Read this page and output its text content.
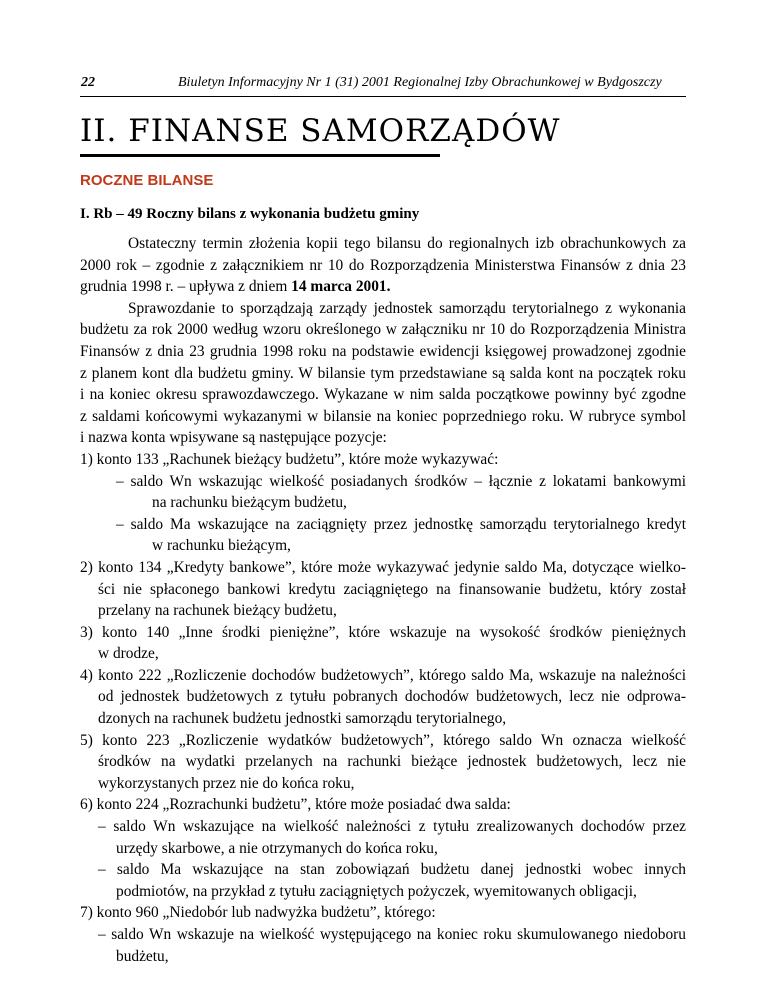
22	Biuletyn Informacyjny Nr 1 (31) 2001 Regionalnej Izby Obrachunkowej w Bydgoszczy
II. FINANSE SAMORZĄDÓW
ROCZNE BILANSE
I. Rb – 49 Roczny bilans z wykonania budżetu gminy
Ostateczny termin złożenia kopii tego bilansu do regionalnych izb obrachunkowych za
2000 rok – zgodnie z załącznikiem nr 10 do Rozporządzenia Ministerstwa Finansów z dnia 23
grudnia 1998 r. – upływa z dniem 14 marca 2001.
Sprawozdanie to sporządzają zarządy jednostek samorządu terytorialnego z wykonania
budżetu za rok 2000 według wzoru określonego w załączniku nr 10 do Rozporządzenia Ministra
Finansów z dnia 23 grudnia 1998 roku na podstawie ewidencji księgowej prowadzonej zgodnie
z planem kont dla budżetu gminy. W bilansie tym przedstawiane są salda kont na początek roku
i na koniec okresu sprawozdawczego. Wykazane w nim salda początkowe powinny być zgodne
z saldami końcowymi wykazanymi w bilansie na koniec poprzedniego roku. W rubryce symbol
i nazwa konta wpisywane są następujące pozycje:
1) konto 133 „Rachunek bieżący budżetu”, które może wykazywać:
– saldo Wn wskazując wielkość posiadanych środków – łącznie z lokatami bankowymi
na rachunku bieżącym budżetu,
– saldo Ma wskazujące na zaciągnięty przez jednostkę samorządu terytorialnego kredyt
w rachunku bieżącym,
2) konto 134 „Kredyty bankowe”, które może wykazywać jedynie saldo Ma, dotyczące wielko-
ści nie spłaconego bankowi kredytu zaciągniętego na finansowanie budżetu, który został
przelany na rachunek bieżący budżetu,
3) konto 140 „Inne środki pieniężne”, które wskazuje na wysokość środków pieniężnych
w drodze,
4) konto 222 „Rozliczenie dochodów budżetowych”, którego saldo Ma, wskazuje na należności
od jednostek budżetowych z tytułu pobranych dochodów budżetowych, lecz nie odprowa-
dzonych na rachunek budżetu jednostki samorządu terytorialnego,
5) konto 223 „Rozliczenie wydatków budżetowych”, którego saldo Wn oznacza wielkość
środków na wydatki przelanych na rachunki bieżące jednostek budżetowych, lecz nie
wykorzystanych przez nie do końca roku,
6) konto 224 „Rozrachunki budżetu”, które może posiadać dwa salda:
– saldo Wn wskazujące na wielkość należności z tytułu zrealizowanych dochodów przez
urzędy skarbowe, a nie otrzymanych do końca roku,
– saldo Ma wskazujące na stan zobowiązań budżetu danej jednostki wobec innych
podmiotów, na przykład z tytułu zaciągniętych pożyczek, wyemitowanych obligacji,
7) konto 960 „Niedobór lub nadwyżka budżetu”, którego:
– saldo Wn wskazuje na wielkość występującego na koniec roku skumulowanego niedoboru
budżetu,
